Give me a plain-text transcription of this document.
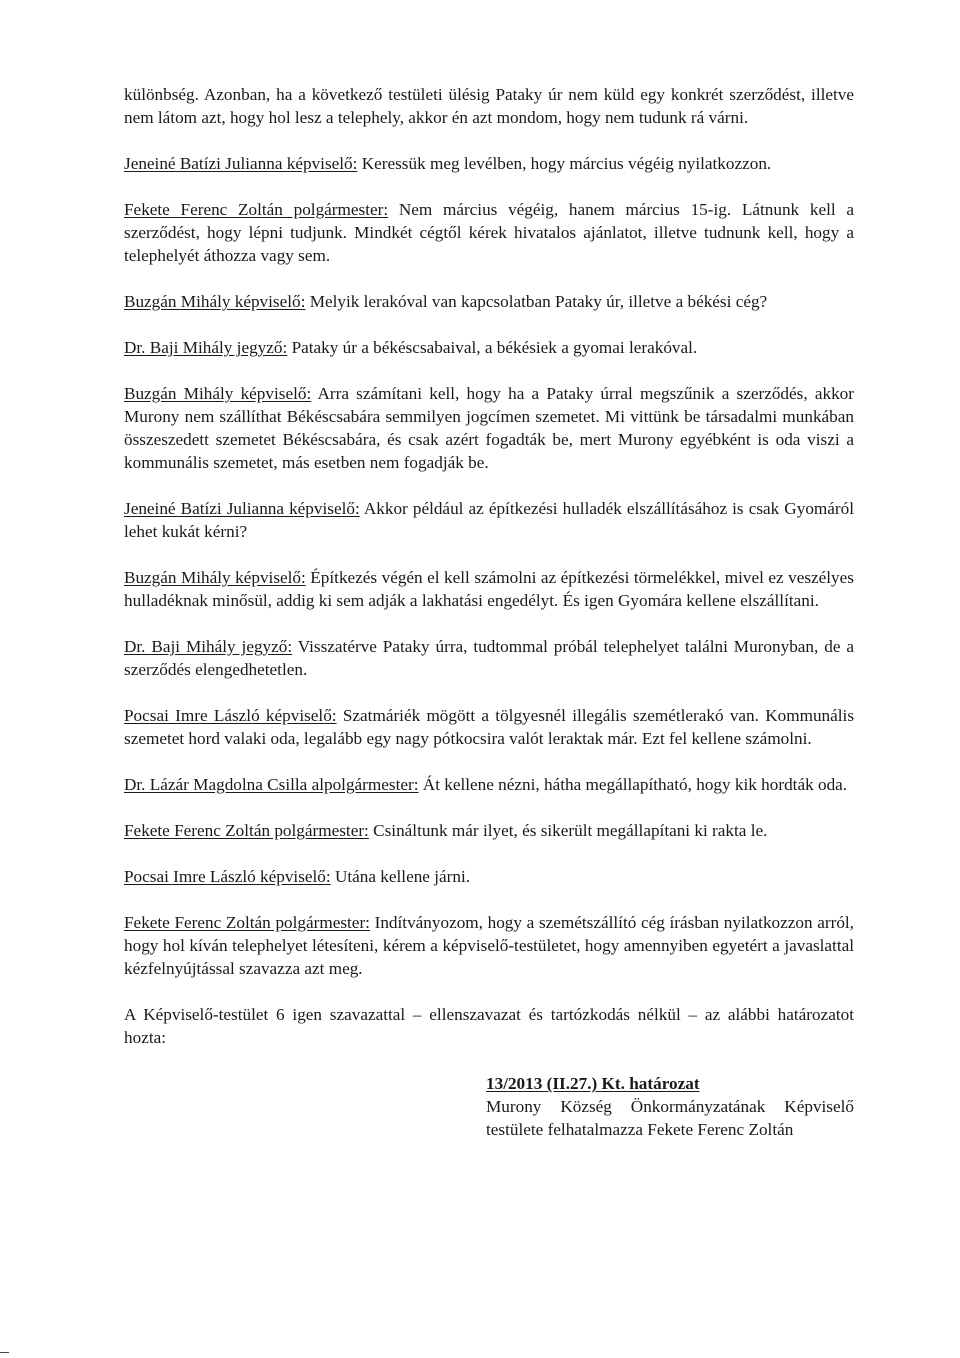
különbség. Azonban, ha a következő testületi ülésig Pataky úr nem küld egy konkrét szerződést, illetve nem látom azt, hogy hol lesz a telephely, akkor én azt mondom, hogy nem tudunk rá várni.

Jeneiné Batízi Julianna képviselő: Keressük meg levélben, hogy március végéig nyilatkozzon.

Fekete Ferenc Zoltán polgármester: Nem március végéig, hanem március 15-ig. Látnunk kell a szerződést, hogy lépni tudjunk. Mindkét cégtől kérek hivatalos ajánlatot, illetve tudnunk kell, hogy a telephelyét áthozza vagy sem.

Buzgán Mihály képviselő: Melyik lerakóval van kapcsolatban Pataky úr, illetve a békési cég?

Dr. Baji Mihály jegyző: Pataky úr a békéscsabaival, a békésiek a gyomai lerakóval.

Buzgán Mihály képviselő: Arra számítani kell, hogy ha a Pataky úrral megszűnik a szerződés, akkor Murony nem szállíthat Békéscsabára semmilyen jogcímen szemetet. Mi vittünk be társadalmi munkában összeszedett szemetet Békéscsabára, és csak azért fogadták be, mert Murony egyébként is oda viszi a kommunális szemetet, más esetben nem fogadják be.

Jeneiné Batízi Julianna képviselő: Akkor például az építkezési hulladék elszállításához is csak Gyomáról lehet kukát kérni?

Buzgán Mihály képviselő: Építkezés végén el kell számolni az építkezési törmelékkel, mivel ez veszélyes hulladéknak minősül, addig ki sem adják a lakhatási engedélyt. És igen Gyomára kellene elszállítani.

Dr. Baji Mihály jegyző: Visszatérve Pataky úrra, tudtommal próbál telephelyet találni Muronyban, de a szerződés elengedhetetlen.

Pocsai Imre László képviselő: Szatmáriék mögött a tölgyesnél illegális szemétlerakó van. Kommunális szemetet hord valaki oda, legalább egy nagy pótkocsira valót leraktak már. Ezt fel kellene számolni.

Dr. Lázár Magdolna Csilla alpolgármester: Át kellene nézni, hátha megállapítható, hogy kik hordták oda.

Fekete Ferenc Zoltán polgármester: Csináltunk már ilyet, és sikerült megállapítani ki rakta le.

Pocsai Imre László képviselő: Utána kellene járni.

Fekete Ferenc Zoltán polgármester: Indítványozom, hogy a szemétszállító cég írásban nyilatkozzon arról, hogy hol kíván telephelyet létesíteni, kérem a képviselő-testületet, hogy amennyiben egyetért a javaslattal kézfelnyújtással szavazza azt meg.

A Képviselő-testület 6 igen szavazattal – ellenszavazat és tartózkodás nélkül – az alábbi határozatot hozta:

13/2013 (II.27.) Kt. határozat
Murony Község Önkormányzatának Képviselő testülete felhatalmazza Fekete Ferenc Zoltán
